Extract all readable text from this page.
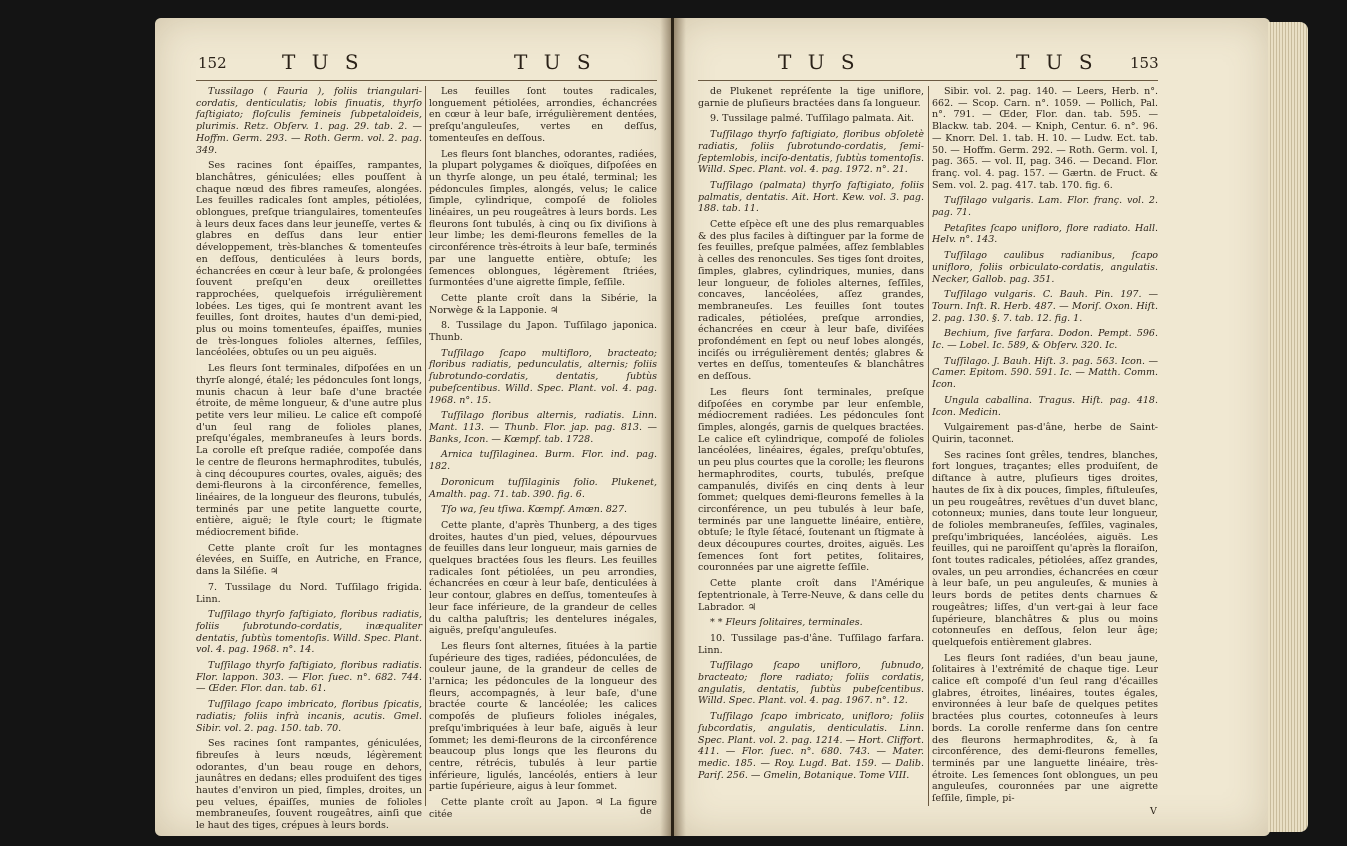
152	T U S	T U S	T U S	T U S 153

Tussilago ( Fauria ), foliis triangulari-cordatis, denticulatis; lobis ſinuatis, thyrſo faſtigiato; floſculis femineis ſubpetaloideis, plurimis. Retz. Obſerv. 1. pag. 29. tab. 2. — Hoffm. Germ. 293. — Roth. Germ. vol. 2. pag. 349.

Ses racines ſont épaiſſes, rampantes, blanchâtres, géniculées; elles pouſſent à chaque nœud des fibres rameuſes, alongées. Les feuilles radicales ſont amples, pétiolées, oblongues, preſque triangulaires, tomenteuſes à leurs deux faces dans leur jeuneſſe, vertes & glabres en deſſus dans leur entier développement, très-blanches & tomenteuſes en deſſous, denticulées à leurs bords, échancrées en cœur à leur baſe, & prolongées ſouvent preſqu'en deux oreillettes rapprochées, quelquefois irrégulièrement lobées. Les tiges, qui ſe montrent avant les feuilles, ſont droites, hautes d'un demi-pied, plus ou moins tomenteuſes, épaiſſes, munies de très-longues folioles alternes, ſeſſiles, lancéolées, obtuſes ou un peu aiguës.

Les fleurs ſont terminales, diſpoſées en un thyrſe alongé, étalé; les pédoncules ſont longs, munis chacun à leur baſe d'une bractée étroite, de même longueur, & d'une autre plus petite vers leur milieu. Le calice eſt compoſé d'un ſeul rang de folioles planes, preſqu'égales, membraneuſes à leurs bords. La corolle eſt preſque radiée, compoſée dans le centre de fleurons hermaphrodites, tubulés, à cinq découpures courtes, ovales, aiguës; des demi-fleurons à la circonférence, femelles, linéaires, de la longueur des fleurons, tubulés, terminés par une petite languette courte, entière, aiguë; le ſtyle court; le ſtigmate médiocrement bifide.

Cette plante croît ſur les montagnes élevées, en Suiſſe, en Autriche, en France, dans la Siléſie. ♃

7. Tussilage du Nord. Tuſſilago frigida. Linn.

Tuſſilago thyrſo faſtigiato, floribus radiatis, foliis ſubrotundo-cordatis, inæqualiter dentatis, ſubtùs tomentoſis. Willd. Spec. Plant. vol. 4. pag. 1968. n°. 14.

Tuſſilago thyrſo faſtigiato, floribus radiatis. Flor. lappon. 303. — Flor. ſuec. n°. 682. 744. — Œder. Flor. dan. tab. 61.

Tuſſilago ſcapo imbricato, floribus ſpicatis, radiatis; foliis infrà incanis, acutis. Gmel. Sibir. vol. 2. pag. 150. tab. 70.

Ses racines ſont rampantes, géniculées, fibreuſes à leurs nœuds, légèrement odorantes, d'un beau rouge en dehors, jaunâtres en dedans; elles produiſent des tiges hautes d'environ un pied, ſimples, droites, un peu velues, épaiſſes, munies de folioles membraneuſes, ſouvent rougeâtres, ainſi que le haut des tiges, crépues à leurs bords.

Les feuilles ſont toutes radicales, longuement pétiolées, arrondies, échancrées en cœur à leur baſe, irrégulièrement dentées, preſqu'anguleuſes, vertes en deſſus, tomenteuſes en deſſous.

Les fleurs ſont blanches, odorantes, radiées, la plupart polygames & dioïques, diſpoſées en un thyrſe alonge, un peu étalé, terminal; les pédoncules ſimples, alongés, velus; le calice ſimple, cylindrique, compoſé de folioles linéaires, un peu rougeâtres à leurs bords. Les fleurons ſont tubulés, à cinq ou ſix diviſions à leur limbe; les demi-fleurons femelles de la circonférence très-étroits à leur baſe, terminés par une languette entière, obtuſe; les ſemences oblongues, légèrement ſtriées, ſurmontées d'une aigrette ſimple, ſeſſile.

Cette plante croît dans la Sibérie, la Norwège & la Lapponie. ♃

8. Tussilage du Japon. Tuſſilago japonica. Thunb.

Tuſſilago ſcapo multifloro, bracteato; floribus radiatis, pedunculatis, alternis; foliis ſubrotundo-cordatis, dentatis, ſubtùs pubeſcentibus. Willd. Spec. Plant. vol. 4. pag. 1968. n°. 15.

Tuſſilago floribus alternis, radiatis. Linn. Mant. 113. — Thunb. Flor. jap. pag. 813. — Banks, Icon. — Kœmpf. tab. 1728.

Arnica tuſſilaginea. Burm. Flor. ind. pag. 182.

Doronicum tuſſilaginis folio. Plukenet, Amalth. pag. 71. tab. 390. fig. 6.

Tſo wa, ſeu tſiwa. Kœmpf. Amœn. 827.

Cette plante, d'après Thunberg, a des tiges droites, hautes d'un pied, velues, dépourvues de feuilles dans leur longueur, mais garnies de quelques bractées ſous les fleurs. Les feuilles radicales ſont pétiolées, un peu arrondies, échancrées en cœur à leur baſe, denticulées à leur contour, glabres en deſſus, tomenteuſes à leur face inférieure, de la grandeur de celles du caltha paluſtris; les dentelures inégales, aiguës, preſqu'anguleuſes.

Les fleurs ſont alternes, ſituées à la partie ſupérieure des tiges, radiées, pédonculées, de couleur jaune, de la grandeur de celles de l'arnica; les pédoncules de la longueur des fleurs, accompagnés, à leur baſe, d'une bractée courte & lancéolée; les calices compoſés de pluſieurs folioles inégales, preſqu'imbriquées à leur baſe, aiguës à leur ſommet; les demi-fleurons de la circonférence beaucoup plus longs que les fleurons du centre, rétrécis, tubulés à leur partie inférieure, ligulés, lancéolés, entiers à leur partie ſupérieure, aigus à leur ſommet.

Cette plante croît au Japon. ♃ La figure citée

de Plukenet repréſente la tige uniflore, garnie de pluſieurs bractées dans ſa longueur.

9. Tussilage palmé. Tuſſilago palmata. Ait.

Tuſſilago thyrſo faſtigiato, floribus obſoletè radiatis, foliis ſubrotundo-cordatis, ſemi-ſeptemlobis, inciſo-dentatis, ſubtùs tomentoſis. Willd. Spec. Plant. vol. 4. pag. 1972. n°. 21.

Tuſſilago (palmata) thyrſo faſtigiato, foliis palmatis, dentatis. Ait. Hort. Kew. vol. 3. pag. 188. tab. 11.

Cette eſpèce eſt une des plus remarquables & des plus faciles à diſtinguer par la forme de ſes feuilles, preſque palmées, aſſez ſemblables à celles des renoncules. Ses tiges ſont droites, ſimples, glabres, cylindriques, munies, dans leur longueur, de folioles alternes, ſeſſiles, concaves, lancéolées, aſſez grandes, membraneuſes. Les feuilles ſont toutes radicales, pétiolées, preſque arrondies, échancrées en cœur à leur baſe, diviſées profondément en ſept ou neuf lobes alongés, inciſés ou irrégulièrement dentés; glabres & vertes en deſſus, tomenteuſes & blanchâtres en deſſous.

Les fleurs ſont terminales, preſque diſpoſées en corymbe par leur enſemble, médiocrement radiées. Les pédoncules ſont ſimples, alongés, garnis de quelques bractées. Le calice eſt cylindrique, compoſé de folioles lancéolées, linéaires, égales, preſqu'obtuſes, un peu plus courtes que la corolle; les fleurons hermaphrodites, courts, tubulés, preſque campanulés, diviſés en cinq dents à leur ſommet; quelques demi-fleurons femelles à la circonférence, un peu tubulés à leur baſe, terminés par une languette linéaire, entière, obtuſe; le ſtyle ſétacé, ſoutenant un ſtigmate à deux découpures courtes, droites, aiguës. Les ſemences ſont fort petites, ſolitaires, couronnées par une aigrette ſeſſile.

Cette plante croît dans l'Amérique ſeptentrionale, à Terre-Neuve, & dans celle du Labrador. ♃

* * Fleurs ſolitaires, terminales.

10. Tussilage pas-d'âne. Tuſſilago farfara. Linn.

Tuſſilago ſcapo unifloro, ſubnudo, bracteato; flore radiato; foliis cordatis, angulatis, dentatis, ſubtùs pubeſcentibus. Willd. Spec. Plant. vol. 4. pag. 1967. n°. 12.

Tuſſilago ſcapo imbricato, unifloro; foliis ſubcordatis, angulatis, denticulatis. Linn. Spec. Plant. vol. 2. pag. 1214. — Hort. Cliffort. 411. — Flor. ſuec. n°. 680. 743. — Mater. medic. 185. — Roy. Lugd. Bat. 159. — Dalib. Pariſ. 256. — Gmelin, Botanique. Tome VIII.

Sibir. vol. 2. pag. 140. — Leers, Herb. n°. 662. — Scop. Carn. n°. 1059. — Pollich, Pal. n°. 791. — Œder, Flor. dan. tab. 595. — Blackw. tab. 204. — Kniph, Centur. 6. n°. 96. — Knorr. Del. 1. tab. H. 10. — Ludw. Ect. tab. 50. — Hoffm. Germ. 292. — Roth. Germ. vol. I, pag. 365. — vol. II, pag. 346. — Decand. Flor. franç. vol. 4. pag. 157. — Gærtn. de Fruct. & Sem. vol. 2. pag. 417. tab. 170. fig. 6.

Tuſſilago vulgaris. Lam. Flor. franç. vol. 2. pag. 71.

Petaſites ſcapo unifloro, flore radiato. Hall. Helv. n°. 143.

Tuſſilago caulibus radianibus, ſcapo unifloro, foliis orbiculato-cordatis, angulatis. Necker, Gallob. pag. 351.

Tuſſilago vulgaris. C. Bauh. Pin. 197. — Tourn. Inſt. R. Herb. 487. — Moriſ. Oxon. Hiſt. 2. pag. 130. §. 7. tab. 12. fig. 1.

Bechium, ſive farfara. Dodon. Pempt. 596. Ic. — Lobel. Ic. 589, & Obſerv. 320. Ic.

Tuſſilago. J. Bauh. Hiſt. 3. pag. 563. Icon. — Camer. Epitom. 590. 591. Ic. — Matth. Comm. Icon.

Ungula caballina. Tragus. Hiſt. pag. 418. Icon. Medicin.

Vulgairement pas-d'âne, herbe de Saint-Quirin, taconnet.

Ses racines ſont grêles, tendres, blanches, fort longues, traçantes; elles produiſent, de diſtance à autre, pluſieurs tiges droites, hautes de ſix à dix pouces, ſimples, fiſtuleuſes, un peu rougeâtres, revêtues d'un duvet blanc, cotonneux; munies, dans toute leur longueur, de folioles membraneuſes, ſeſſiles, vaginales, preſqu'imbriquées, lancéolées, aiguës. Les feuilles, qui ne paroiſſent qu'après la floraiſon, ſont toutes radicales, pétiolées, aſſez grandes, ovales, un peu arrondies, échancrées en cœur à leur baſe, un peu anguleuſes, & munies à leurs bords de petites dents charnues & rougeâtres; liſſes, d'un vert-gai à leur face ſupérieure, blanchâtres & plus ou moins cotonneuſes en deſſous, ſelon leur âge; quelquefois entièrement glabres.

Les fleurs ſont radiées, d'un beau jaune, ſolitaires à l'extrémité de chaque tige. Leur calice eſt compoſé d'un ſeul rang d'écailles glabres, étroites, linéaires, toutes égales, environnées à leur baſe de quelques petites bractées plus courtes, cotonneuſes à leurs bords. La corolle renferme dans ſon centre des fleurons hermaphrodites, &, à ſa circonférence, des demi-fleurons femelles, terminés par une languette linéaire, très-étroite. Les ſemences ſont oblongues, un peu anguleuſes, couronnées par une aigrette ſeſſile, ſimple, pi-

de	V
